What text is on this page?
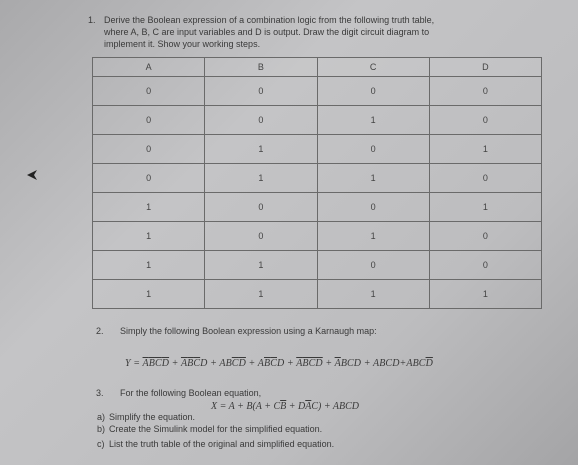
1. Derive the Boolean expression of a combination logic from the following truth table,
where A, B, C are input variables and D is output. Draw the digit circuit diagram to
implement it. Show your working steps.
A	B	C	D
0	0	0	0
0	0	1	0
0	1	0	1
0	1	1	0
1	0	0	1
1	0	1	0
1	1	0	0
1	1	1	1
2. Simply the following Boolean expression using a Karnaugh map:
$Y = \overline{A}\overline{B}\overline{C}\overline{D} + \overline{A}\overline{B}\overline{C}D + AB\overline{C}\overline{D} + A\overline{B}\overline{C}D + \overline{A}\overline{BCD} + \overline{A}BCD$ + $ABCD+ABC\overline{D}$
3. For the following Boolean equation,
$X = A + B(A + C\overline{B} + D\overline{A}C)$ + ABCD
a) Simplify the equation.
b) Create the Simulink model for the simplified equation.
c) List the truth table of the original and simplified equation.
